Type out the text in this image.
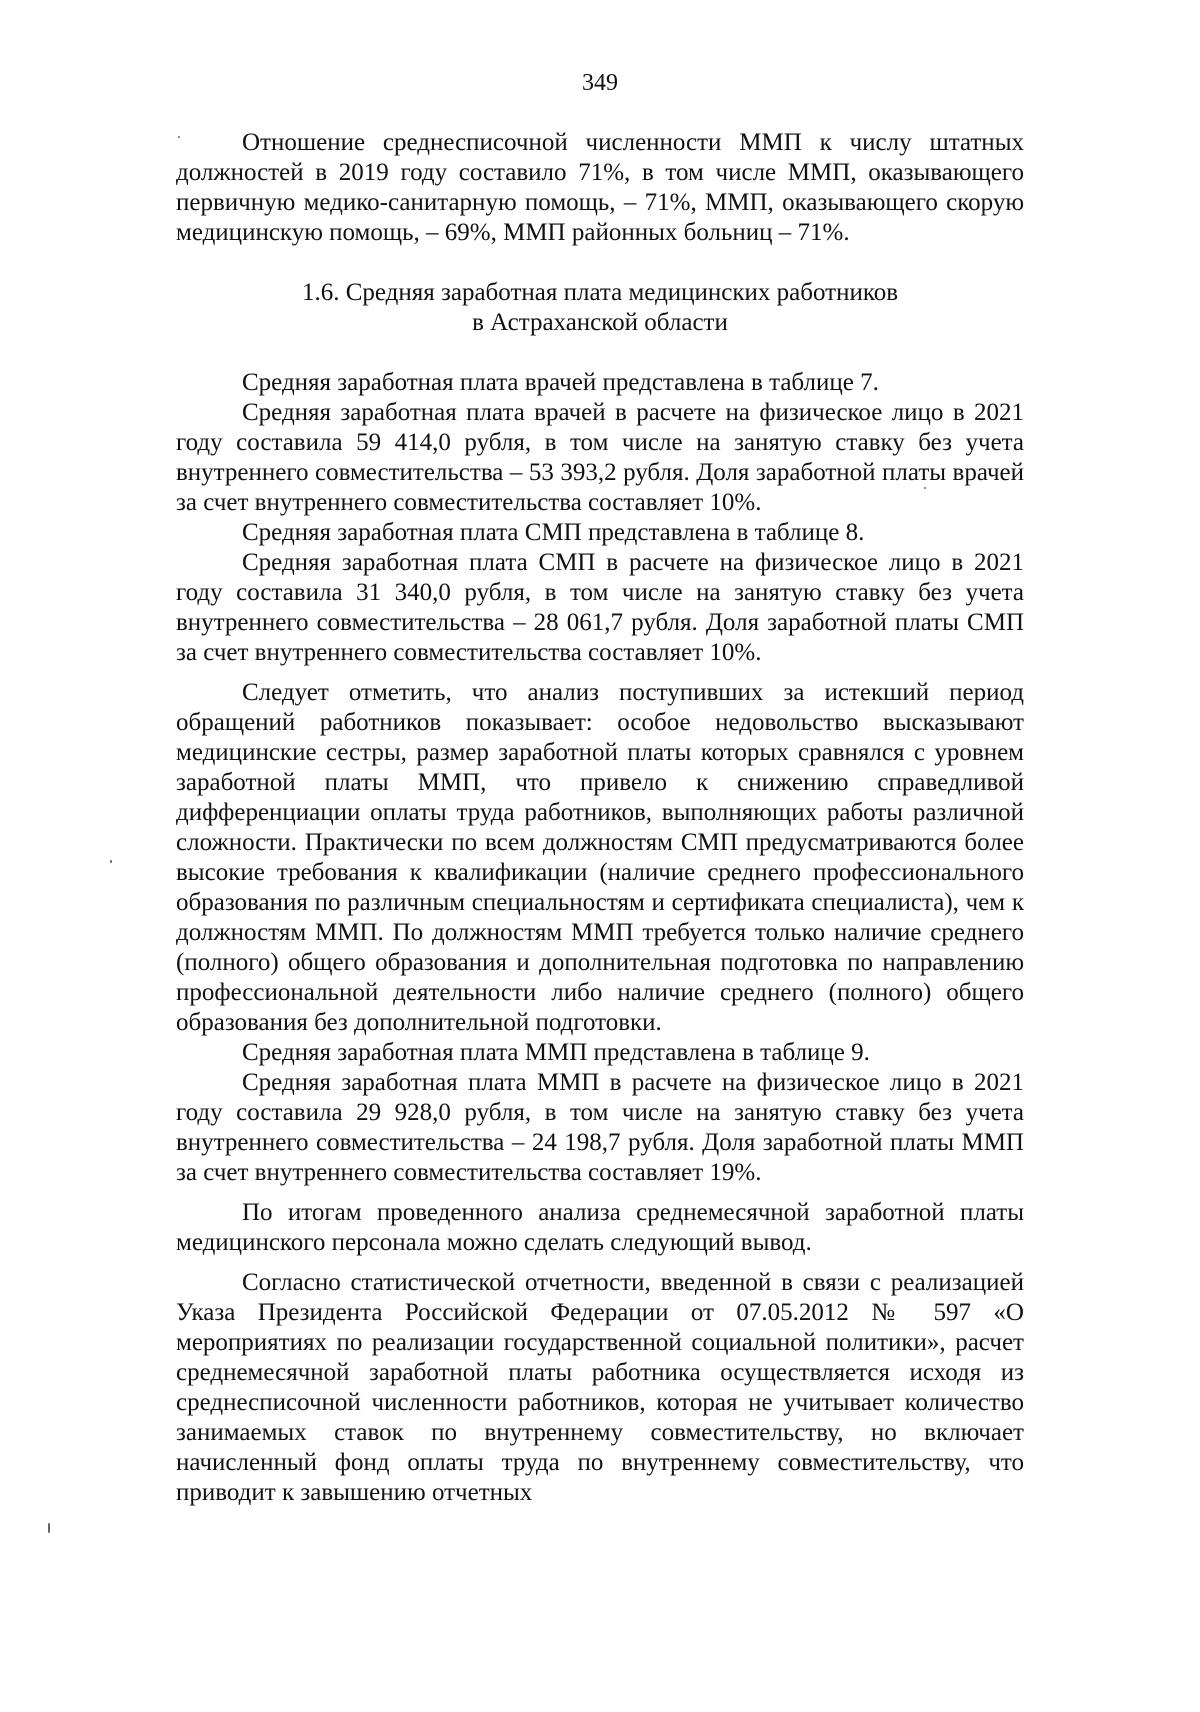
349

Отношение среднесписочной численности ММП к числу штатных должностей в 2019 году составило 71%, в том числе ММП, оказывающего первичную медико-санитарную помощь, – 71%, ММП, оказывающего скорую медицинскую помощь, – 69%, ММП районных больниц – 71%.

1.6. Средняя заработная плата медицинских работников
в Астраханской области

Средняя заработная плата врачей представлена в таблице 7.

Средняя заработная плата врачей в расчете на физическое лицо в 2021 году составила 59 414,0 рубля, в том числе на занятую ставку без учета внутреннего совместительства – 53 393,2 рубля. Доля заработной платы врачей за счет внутреннего совместительства составляет 10%.

Средняя заработная плата СМП представлена в таблице 8.

Средняя заработная плата СМП в расчете на физическое лицо в 2021 году составила 31 340,0 рубля, в том числе на занятую ставку без учета внутреннего совместительства – 28 061,7 рубля. Доля заработной платы СМП за счет внутреннего совместительства составляет 10%.

Следует отметить, что анализ поступивших за истекший период обращений работников показывает: особое недовольство высказывают медицинские сестры, размер заработной платы которых сравнялся с уровнем заработной платы ММП, что привело к снижению справедливой дифференциации оплаты труда работников, выполняющих работы различной сложности. Практически по всем должностям СМП предусматриваются более высокие требования к квалификации (наличие среднего профессионального образования по различным специальностям и сертификата специалиста), чем к должностям ММП. По должностям ММП требуется только наличие среднего (полного) общего образования и дополнительная подготовка по направлению профессиональной деятельности либо наличие среднего (полного) общего образования без дополнительной подготовки.

Средняя заработная плата ММП представлена в таблице 9.

Средняя заработная плата ММП в расчете на физическое лицо в 2021 году составила 29 928,0 рубля, в том числе на занятую ставку без учета внутреннего совместительства – 24 198,7 рубля. Доля заработной платы ММП за счет внутреннего совместительства составляет 19%.

По итогам проведенного анализа среднемесячной заработной платы медицинского персонала можно сделать следующий вывод.

Согласно статистической отчетности, введенной в связи с реализацией Указа Президента Российской Федерации от 07.05.2012 № 597 «О мероприятиях по реализации государственной социальной политики», расчет среднемесячной заработной платы работника осуществляется исходя из среднесписочной численности работников, которая не учитывает количество занимаемых ставок по внутреннему совместительству, но включает начисленный фонд оплаты труда по внутреннему совместительству, что приводит к завышению отчетных
